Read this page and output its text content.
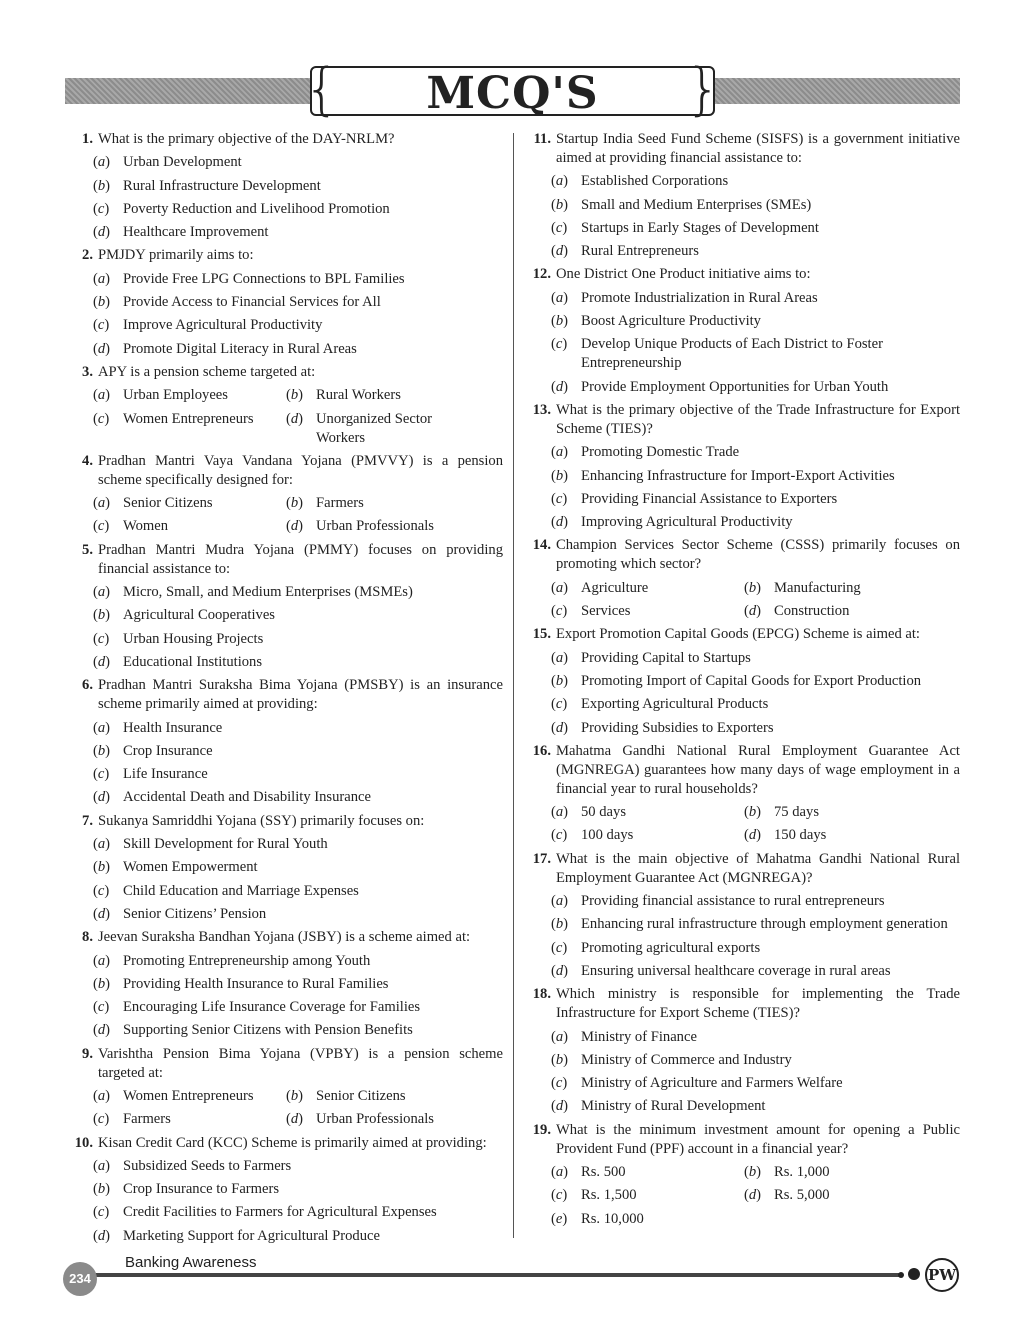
{ MCQ'S }
1. What is the primary objective of the DAY-NRLM?
(a) Urban Development
(b) Rural Infrastructure Development
(c) Poverty Reduction and Livelihood Promotion
(d) Healthcare Improvement
2. PMJDY primarily aims to:
(a) Provide Free LPG Connections to BPL Families
(b) Provide Access to Financial Services for All
(c) Improve Agricultural Productivity
(d) Promote Digital Literacy in Rural Areas
3. APY is a pension scheme targeted at:
(a) Urban Employees	(b) Rural Workers
(c) Women Entrepreneurs	(d) Unorganized Sector Workers
4. Pradhan Mantri Vaya Vandana Yojana (PMVVY) is a pension scheme specifically designed for:
(a) Senior Citizens	(b) Farmers
(c) Women	(d) Urban Professionals
5. Pradhan Mantri Mudra Yojana (PMMY) focuses on providing financial assistance to:
(a) Micro, Small, and Medium Enterprises (MSMEs)
(b) Agricultural Cooperatives
(c) Urban Housing Projects
(d) Educational Institutions
6. Pradhan Mantri Suraksha Bima Yojana (PMSBY) is an insurance scheme primarily aimed at providing:
(a) Health Insurance
(b) Crop Insurance
(c) Life Insurance
(d) Accidental Death and Disability Insurance
7. Sukanya Samriddhi Yojana (SSY) primarily focuses on:
(a) Skill Development for Rural Youth
(b) Women Empowerment
(c) Child Education and Marriage Expenses
(d) Senior Citizens’ Pension
8. Jeevan Suraksha Bandhan Yojana (JSBY) is a scheme aimed at:
(a) Promoting Entrepreneurship among Youth
(b) Providing Health Insurance to Rural Families
(c) Encouraging Life Insurance Coverage for Families
(d) Supporting Senior Citizens with Pension Benefits
9. Varishtha Pension Bima Yojana (VPBY) is a pension scheme targeted at:
(a) Women Entrepreneurs	(b) Senior Citizens
(c) Farmers	(d) Urban Professionals
10. Kisan Credit Card (KCC) Scheme is primarily aimed at providing:
(a) Subsidized Seeds to Farmers
(b) Crop Insurance to Farmers
(c) Credit Facilities to Farmers for Agricultural Expenses
(d) Marketing Support for Agricultural Produce
11. Startup India Seed Fund Scheme (SISFS) is a government initiative aimed at providing financial assistance to:
(a) Established Corporations
(b) Small and Medium Enterprises (SMEs)
(c) Startups in Early Stages of Development
(d) Rural Entrepreneurs
12. One District One Product initiative aims to:
(a) Promote Industrialization in Rural Areas
(b) Boost Agriculture Productivity
(c) Develop Unique Products of Each District to Foster Entrepreneurship
(d) Provide Employment Opportunities for Urban Youth
13. What is the primary objective of the Trade Infrastructure for Export Scheme (TIES)?
(a) Promoting Domestic Trade
(b) Enhancing Infrastructure for Import-Export Activities
(c) Providing Financial Assistance to Exporters
(d) Improving Agricultural Productivity
14. Champion Services Sector Scheme (CSSS) primarily focuses on promoting which sector?
(a) Agriculture	(b) Manufacturing
(c) Services	(d) Construction
15. Export Promotion Capital Goods (EPCG) Scheme is aimed at:
(a) Providing Capital to Startups
(b) Promoting Import of Capital Goods for Export Production
(c) Exporting Agricultural Products
(d) Providing Subsidies to Exporters
16. Mahatma Gandhi National Rural Employment Guarantee Act (MGNREGA) guarantees how many days of wage employment in a financial year to rural households?
(a) 50 days	(b) 75 days
(c) 100 days	(d) 150 days
17. What is the main objective of Mahatma Gandhi National Rural Employment Guarantee Act (MGNREGA)?
(a) Providing financial assistance to rural entrepreneurs
(b) Enhancing rural infrastructure through employment generation
(c) Promoting agricultural exports
(d) Ensuring universal healthcare coverage in rural areas
18. Which ministry is responsible for implementing the Trade Infrastructure for Export Scheme (TIES)?
(a) Ministry of Finance
(b) Ministry of Commerce and Industry
(c) Ministry of Agriculture and Farmers Welfare
(d) Ministry of Rural Development
19. What is the minimum investment amount for opening a Public Provident Fund (PPF) account in a financial year?
(a) Rs. 500	(b) Rs. 1,000
(c) Rs. 1,500	(d) Rs. 5,000
(e) Rs. 10,000
Banking Awareness
234	PW
